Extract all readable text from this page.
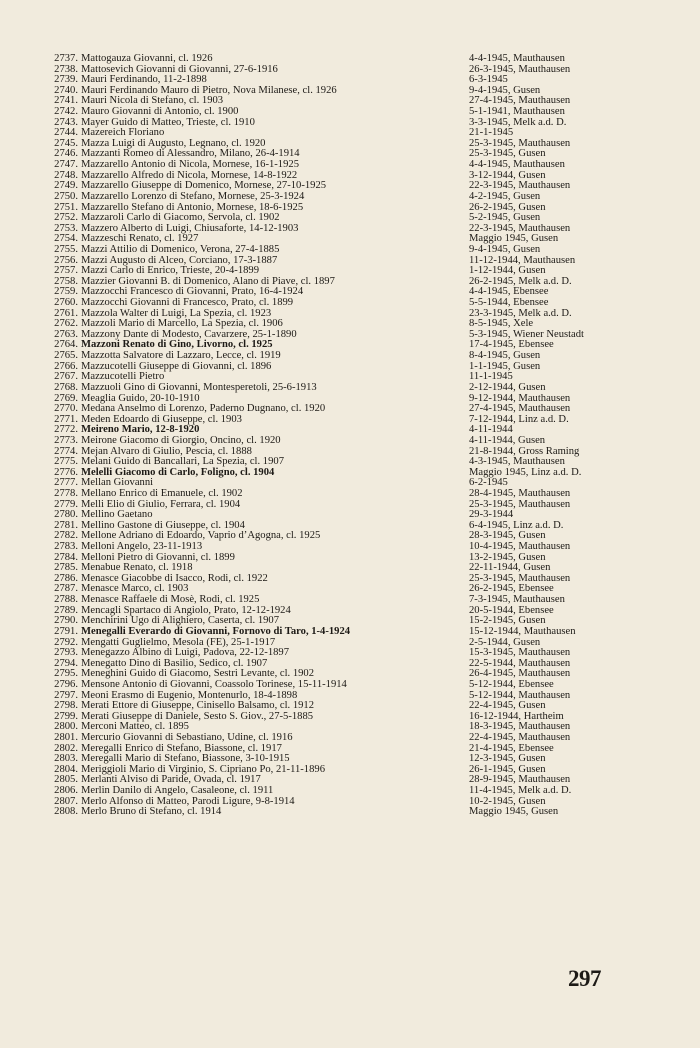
2737. Mattogauza Giovanni, cl. 1926	4-4-1945, Mauthausen
2738. Mattosevich Giovanni di Giovanni, 27-6-1916	26-3-1945, Mauthausen
2739. Mauri Ferdinando, 11-2-1898	6-3-1945
2740. Mauri Ferdinando Mauro di Pietro, Nova Milanese, cl. 1926	9-4-1945, Gusen
2741. Mauri Nicola di Stefano, cl. 1903	27-4-1945, Mauthausen
2742. Mauro Giovanni di Antonio, cl. 1900	5-1-1941, Mauthausen
2743. Mayer Guido di Matteo, Trieste, cl. 1910	3-3-1945, Melk a.d. D.
2744. Mazereich Floriano	21-1-1945
2745. Mazza Luigi di Augusto, Legnano, cl. 1920	25-3-1945, Mauthausen
2746. Mazzanti Romeo di Alessandro, Milano, 26-4-1914	25-3-1945, Gusen
2747. Mazzarello Antonio di Nicola, Mornese, 16-1-1925	4-4-1945, Mauthausen
2748. Mazzarello Alfredo di Nicola, Mornese, 14-8-1922	3-12-1944, Gusen
2749. Mazzarello Giuseppe di Domenico, Mornese, 27-10-1925	22-3-1945, Mauthausen
2750. Mazzarello Lorenzo di Stefano, Mornese, 25-3-1924	4-2-1945, Gusen
2751. Mazzarello Stefano di Antonio, Mornese, 18-6-1925	26-2-1945, Gusen
2752. Mazzaroli Carlo di Giacomo, Servola, cl. 1902	5-2-1945, Gusen
2753. Mazzero Alberto di Luigi, Chiusaforte, 14-12-1903	22-3-1945, Mauthausen
2754. Mazzeschi Renato, cl. 1927	Maggio 1945, Gusen
2755. Mazzi Attilio di Domenico, Verona, 27-4-1885	9-4-1945, Gusen
2756. Mazzi Augusto di Alceo, Corciano, 17-3-1887	11-12-1944, Mauthausen
2757. Mazzi Carlo di Enrico, Trieste, 20-4-1899	1-12-1944, Gusen
2758. Mazzier Giovanni B. di Domenico, Alano di Piave, cl. 1897	26-2-1945, Melk a.d. D.
2759. Mazzocchi Francesco di Giovanni, Prato, 16-4-1924	4-4-1945, Ebensee
2760. Mazzocchi Giovanni di Francesco, Prato, cl. 1899	5-5-1944, Ebensee
2761. Mazzola Walter di Luigi, La Spezia, cl. 1923	23-3-1945, Melk a.d. D.
2762. Mazzoli Mario di Marcello, La Spezia, cl. 1906	8-5-1945, Xele
2763. Mazzony Dante di Modesto, Cavarzere, 25-1-1890	5-3-1945, Wiener Neustadt
2764. Mazzoni Renato di Gino, Livorno, cl. 1925	17-4-1945, Ebensee
2765. Mazzotta Salvatore di Lazzaro, Lecce, cl. 1919	8-4-1945, Gusen
2766. Mazzucotelli Giuseppe di Giovanni, cl. 1896	1-1-1945, Gusen
2767. Mazzucotelli Pietro	11-1-1945
2768. Mazzuoli Gino di Giovanni, Montesperetoli, 25-6-1913	2-12-1944, Gusen
2769. Meaglia Guido, 20-10-1910	9-12-1944, Mauthausen
2770. Medana Anselmo di Lorenzo, Paderno Dugnano, cl. 1920	27-4-1945, Mauthausen
2771. Meden Edoardo di Giuseppe, cl. 1903	7-12-1944, Linz a.d. D.
2772. Meireno Mario, 12-8-1920	4-11-1944
2773. Meirone Giacomo di Giorgio, Oncino, cl. 1920	4-11-1944, Gusen
2774. Mejan Alvaro di Giulio, Pescia, cl. 1888	21-8-1944, Gross Raming
2775. Melani Guido di Bancallari, La Spezia, cl. 1907	4-3-1945, Mauthausen
2776. Melelli Giacomo di Carlo, Foligno, cl. 1904	Maggio 1945, Linz a.d. D.
2777. Mellan Giovanni	6-2-1945
2778. Mellano Enrico di Emanuele, cl. 1902	28-4-1945, Mauthausen
2779. Melli Elio di Giulio, Ferrara, cl. 1904	25-3-1945, Mauthausen
2780. Mellino Gaetano	29-3-1944
2781. Mellino Gastone di Giuseppe, cl. 1904	6-4-1945, Linz a.d. D.
2782. Mellone Adriano di Edoardo, Vaprio d’Agogna, cl. 1925	28-3-1945, Gusen
2783. Melloni Angelo, 23-11-1913	10-4-1945, Mauthausen
2784. Melloni Pietro di Giovanni, cl. 1899	13-2-1945, Gusen
2785. Menabue Renato, cl. 1918	22-11-1944, Gusen
2786. Menasce Giacobbe di Isacco, Rodi, cl. 1922	25-3-1945, Mauthausen
2787. Menasce Marco, cl. 1903	26-2-1945, Ebensee
2788. Menasce Raffaele di Mosè, Rodi, cl. 1925	7-3-1945, Mauthausen
2789. Mencagli Spartaco di Angiolo, Prato, 12-12-1924	20-5-1944, Ebensee
2790. Menchirini Ugo di Alighiero, Caserta, cl. 1907	15-2-1945, Gusen
2791. Menegalli Everardo di Giovanni, Fornovo di Taro, 1-4-1924	15-12-1944, Mauthausen
2792. Mengatti Guglielmo, Mesola (FE), 25-1-1917	2-5-1944, Gusen
2793. Menegazzo Albino di Luigi, Padova, 22-12-1897	15-3-1945, Mauthausen
2794. Menegatto Dino di Basilio, Sedico, cl. 1907	22-5-1944, Mauthausen
2795. Meneghini Guido di Giacomo, Sestri Levante, cl. 1902	26-4-1945, Mauthausen
2796. Mensone Antonio di Giovanni, Coassolo Torinese, 15-11-1914	5-12-1944, Ebensee
2797. Meoni Erasmo di Eugenio, Montenurlo, 18-4-1898	5-12-1944, Mauthausen
2798. Merati Ettore di Giuseppe, Cinisello Balsamo, cl. 1912	22-4-1945, Gusen
2799. Merati Giuseppe di Daniele, Sesto S. Giov., 27-5-1885	16-12-1944, Hartheim
2800. Merconi Matteo, cl. 1895	18-3-1945, Mauthausen
2801. Mercurio Giovanni di Sebastiano, Udine, cl. 1916	22-4-1945, Mauthausen
2802. Meregalli Enrico di Stefano, Biassone, cl. 1917	21-4-1945, Ebensee
2803. Meregalli Mario di Stefano, Biassone, 3-10-1915	12-3-1945, Gusen
2804. Meriggioli Mario di Virginio, S. Cipriano Po, 21-11-1896	26-1-1945, Gusen
2805. Merlanti Alviso di Paride, Ovada, cl. 1917	28-9-1945, Mauthausen
2806. Merlin Danilo di Angelo, Casaleone, cl. 1911	11-4-1945, Melk a.d. D.
2807. Merlo Alfonso di Matteo, Parodi Ligure, 9-8-1914	10-2-1945, Gusen
2808. Merlo Bruno di Stefano, cl. 1914	Maggio 1945, Gusen
297
